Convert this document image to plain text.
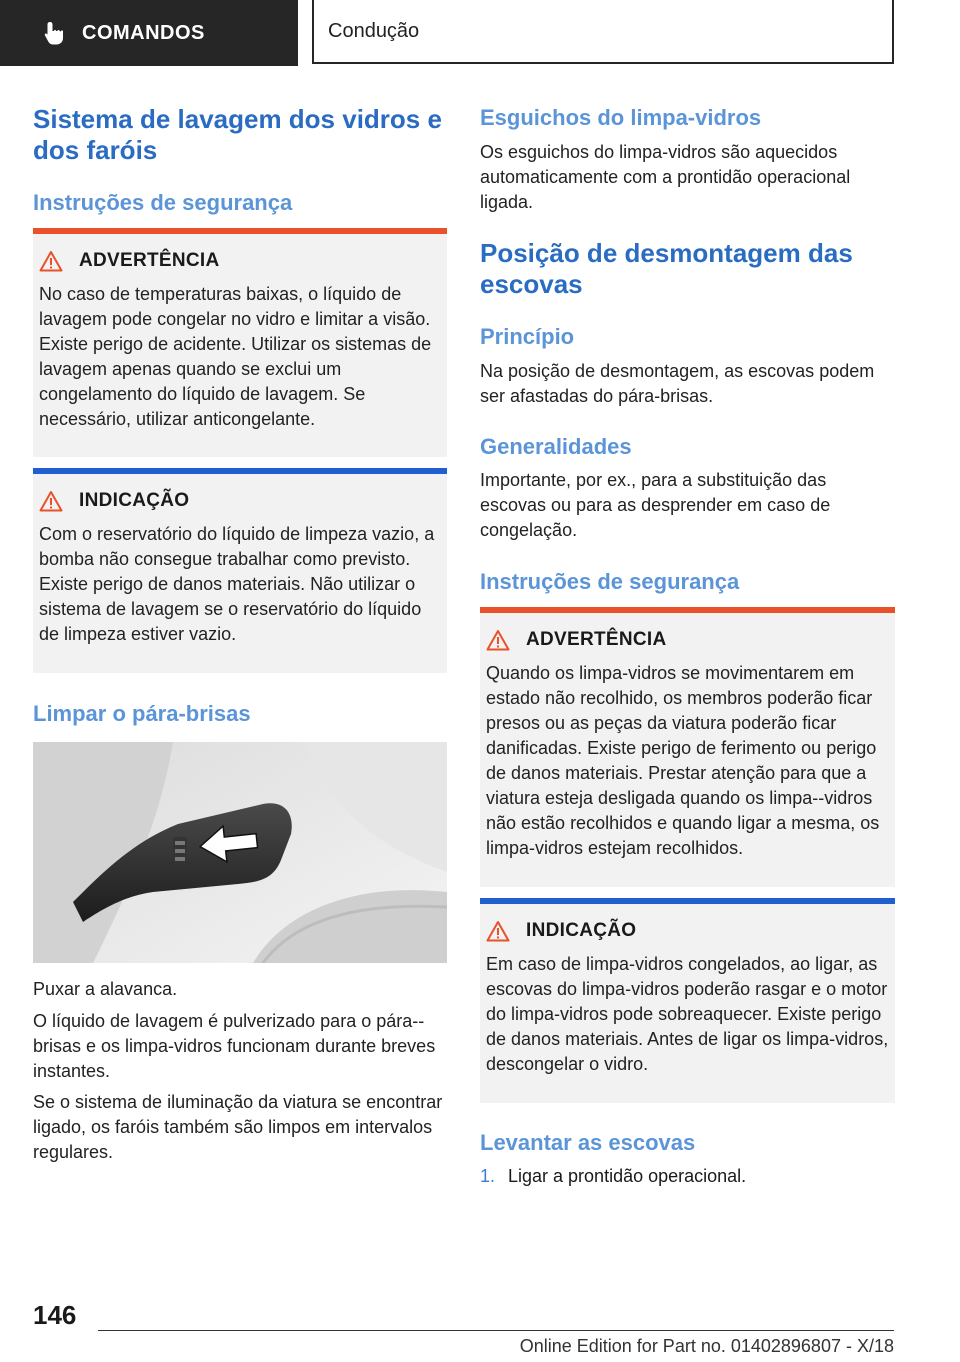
COMANDOS	Condução
Sistema de lavagem dos vidros e dos faróis
Instruções de segurança
ADVERTÊNCIA

No caso de temperaturas baixas, o líquido de lavagem pode congelar no vidro e limitar a visão. Existe perigo de acidente. Utilizar os sistemas de lavagem apenas quando se exclui um congelamento do líquido de lavagem. Se necessário, utilizar anticongelante.

INDICAÇÃO

Com o reservatório do líquido de limpeza vazio, a bomba não consegue trabalhar como previsto. Existe perigo de danos materiais. Não utilizar o sistema de lavagem se o reservatório do líquido de limpeza estiver vazio.

Limpar o pára-brisas

Puxar a alavanca.

O líquido de lavagem é pulverizado para o pára--brisas e os limpa-vidros funcionam durante breves instantes.

Se o sistema de iluminação da viatura se encontrar ligado, os faróis também são limpos em intervalos regulares.

Esguichos do limpa-vidros

Os esguichos do limpa-vidros são aquecidos automaticamente com a prontidão operacional ligada.

Posição de desmontagem das escovas
Princípio

Na posição de desmontagem, as escovas podem ser afastadas do pára-brisas.

Generalidades

Importante, por ex., para a substituição das escovas ou para as desprender em caso de congelação.

Instruções de segurança
ADVERTÊNCIA

Quando os limpa-vidros se movimentarem em estado não recolhido, os membros poderão ficar presos ou as peças da viatura poderão ficar danificadas. Existe perigo de ferimento ou perigo de danos materiais. Prestar atenção para que a viatura esteja desligada quando os limpa--vidros não estão recolhidos e quando ligar a mesma, os limpa-vidros estejam recolhidos.

INDICAÇÃO

Em caso de limpa-vidros congelados, ao ligar, as escovas do limpa-vidros poderão rasgar e o motor do limpa-vidros pode sobreaquecer. Existe perigo de danos materiais. Antes de ligar os limpa-vidros, descongelar o vidro.

Levantar as escovas
1. Ligar a prontidão operacional.
146
Online Edition for Part no. 01402896807 - X/18
